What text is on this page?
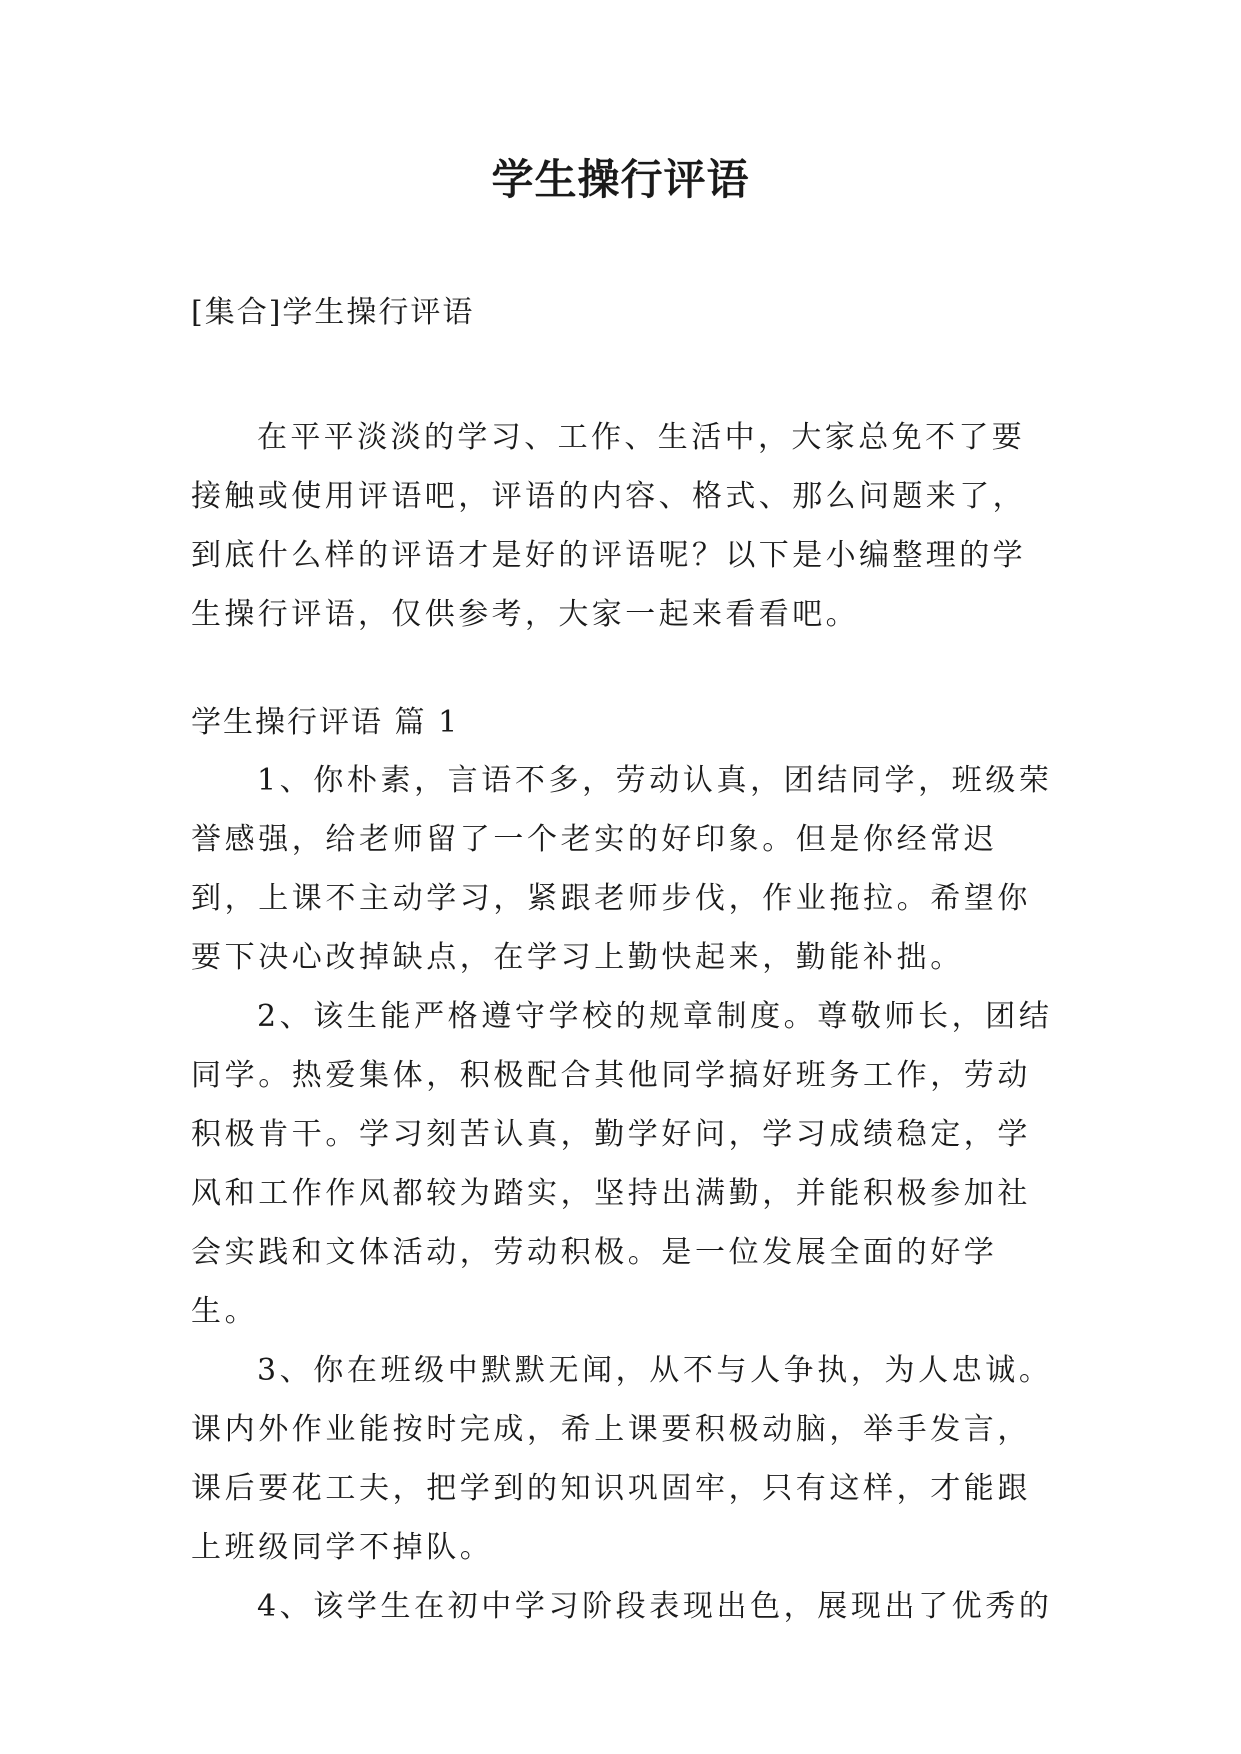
学生操行评语

[集合]学生操行评语

在平平淡淡的学习、工作、生活中，大家总免不了要接触或使用评语吧，评语的内容、格式、那么问题来了，到底什么样的评语才是好的评语呢？以下是小编整理的学生操行评语，仅供参考，大家一起来看看吧。

学生操行评语 篇 1

1、你朴素，言语不多，劳动认真，团结同学，班级荣誉感强，给老师留了一个老实的好印象。但是你经常迟到，上课不主动学习，紧跟老师步伐，作业拖拉。希望你要下决心改掉缺点，在学习上勤快起来，勤能补拙。

2、该生能严格遵守学校的规章制度。尊敬师长，团结同学。热爱集体，积极配合其他同学搞好班务工作，劳动积极肯干。学习刻苦认真，勤学好问，学习成绩稳定，学风和工作作风都较为踏实，坚持出满勤，并能积极参加社会实践和文体活动，劳动积极。是一位发展全面的好学生。

3、你在班级中默默无闻，从不与人争执，为人忠诚。课内外作业能按时完成，希上课要积极动脑，举手发言，课后要花工夫，把学到的知识巩固牢，只有这样，才能跟上班级同学不掉队。

4、该学生在初中学习阶段表现出色，展现出了优秀的
